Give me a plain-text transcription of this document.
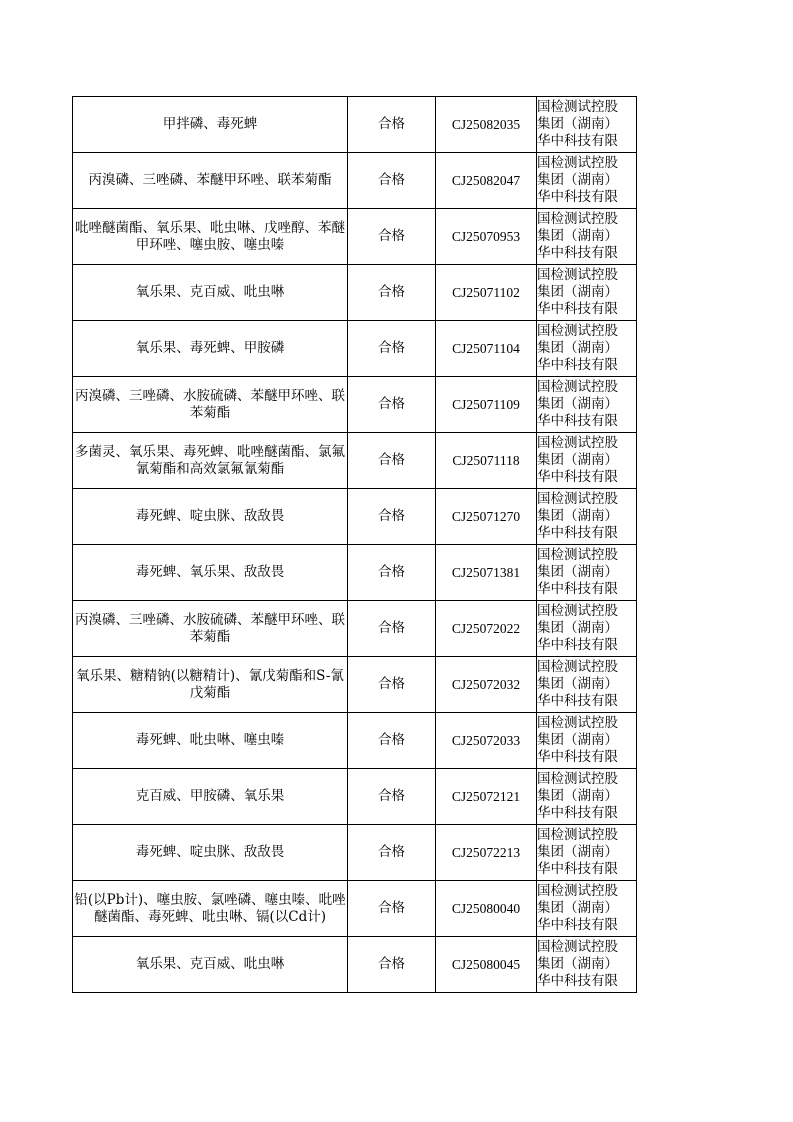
甲拌磷、毒死蜱	合格	CJ25082035	国检测试控股
集团（湖南）
华中科技有限
丙溴磷、三唑磷、苯醚甲环唑、联苯菊酯	合格	CJ25082047	国检测试控股
集团（湖南）
华中科技有限
吡唑醚菌酯、氧乐果、吡虫啉、戊唑醇、苯醚甲环唑、噻虫胺、噻虫嗪	合格	CJ25070953	国检测试控股
集团（湖南）
华中科技有限
氧乐果、克百威、吡虫啉	合格	CJ25071102	国检测试控股
集团（湖南）
华中科技有限
氧乐果、毒死蜱、甲胺磷	合格	CJ25071104	国检测试控股
集团（湖南）
华中科技有限
丙溴磷、三唑磷、水胺硫磷、苯醚甲环唑、联苯菊酯	合格	CJ25071109	国检测试控股
集团（湖南）
华中科技有限
多菌灵、氧乐果、毒死蜱、吡唑醚菌酯、氯氟氰菊酯和高效氯氟氰菊酯	合格	CJ25071118	国检测试控股
集团（湖南）
华中科技有限
毒死蜱、啶虫脒、敌敌畏	合格	CJ25071270	国检测试控股
集团（湖南）
华中科技有限
毒死蜱、氧乐果、敌敌畏	合格	CJ25071381	国检测试控股
集团（湖南）
华中科技有限
丙溴磷、三唑磷、水胺硫磷、苯醚甲环唑、联苯菊酯	合格	CJ25072022	国检测试控股
集团（湖南）
华中科技有限
氧乐果、糖精钠(以糖精计)、氰戊菊酯和S-氰戊菊酯	合格	CJ25072032	国检测试控股
集团（湖南）
华中科技有限
毒死蜱、吡虫啉、噻虫嗪	合格	CJ25072033	国检测试控股
集团（湖南）
华中科技有限
克百威、甲胺磷、氧乐果	合格	CJ25072121	国检测试控股
集团（湖南）
华中科技有限
毒死蜱、啶虫脒、敌敌畏	合格	CJ25072213	国检测试控股
集团（湖南）
华中科技有限
铅(以Pb计)、噻虫胺、氯唑磷、噻虫嗪、吡唑醚菌酯、毒死蜱、吡虫啉、镉(以Cd计)	合格	CJ25080040	国检测试控股
集团（湖南）
华中科技有限
氧乐果、克百威、吡虫啉	合格	CJ25080045	国检测试控股
集团（湖南）
华中科技有限
